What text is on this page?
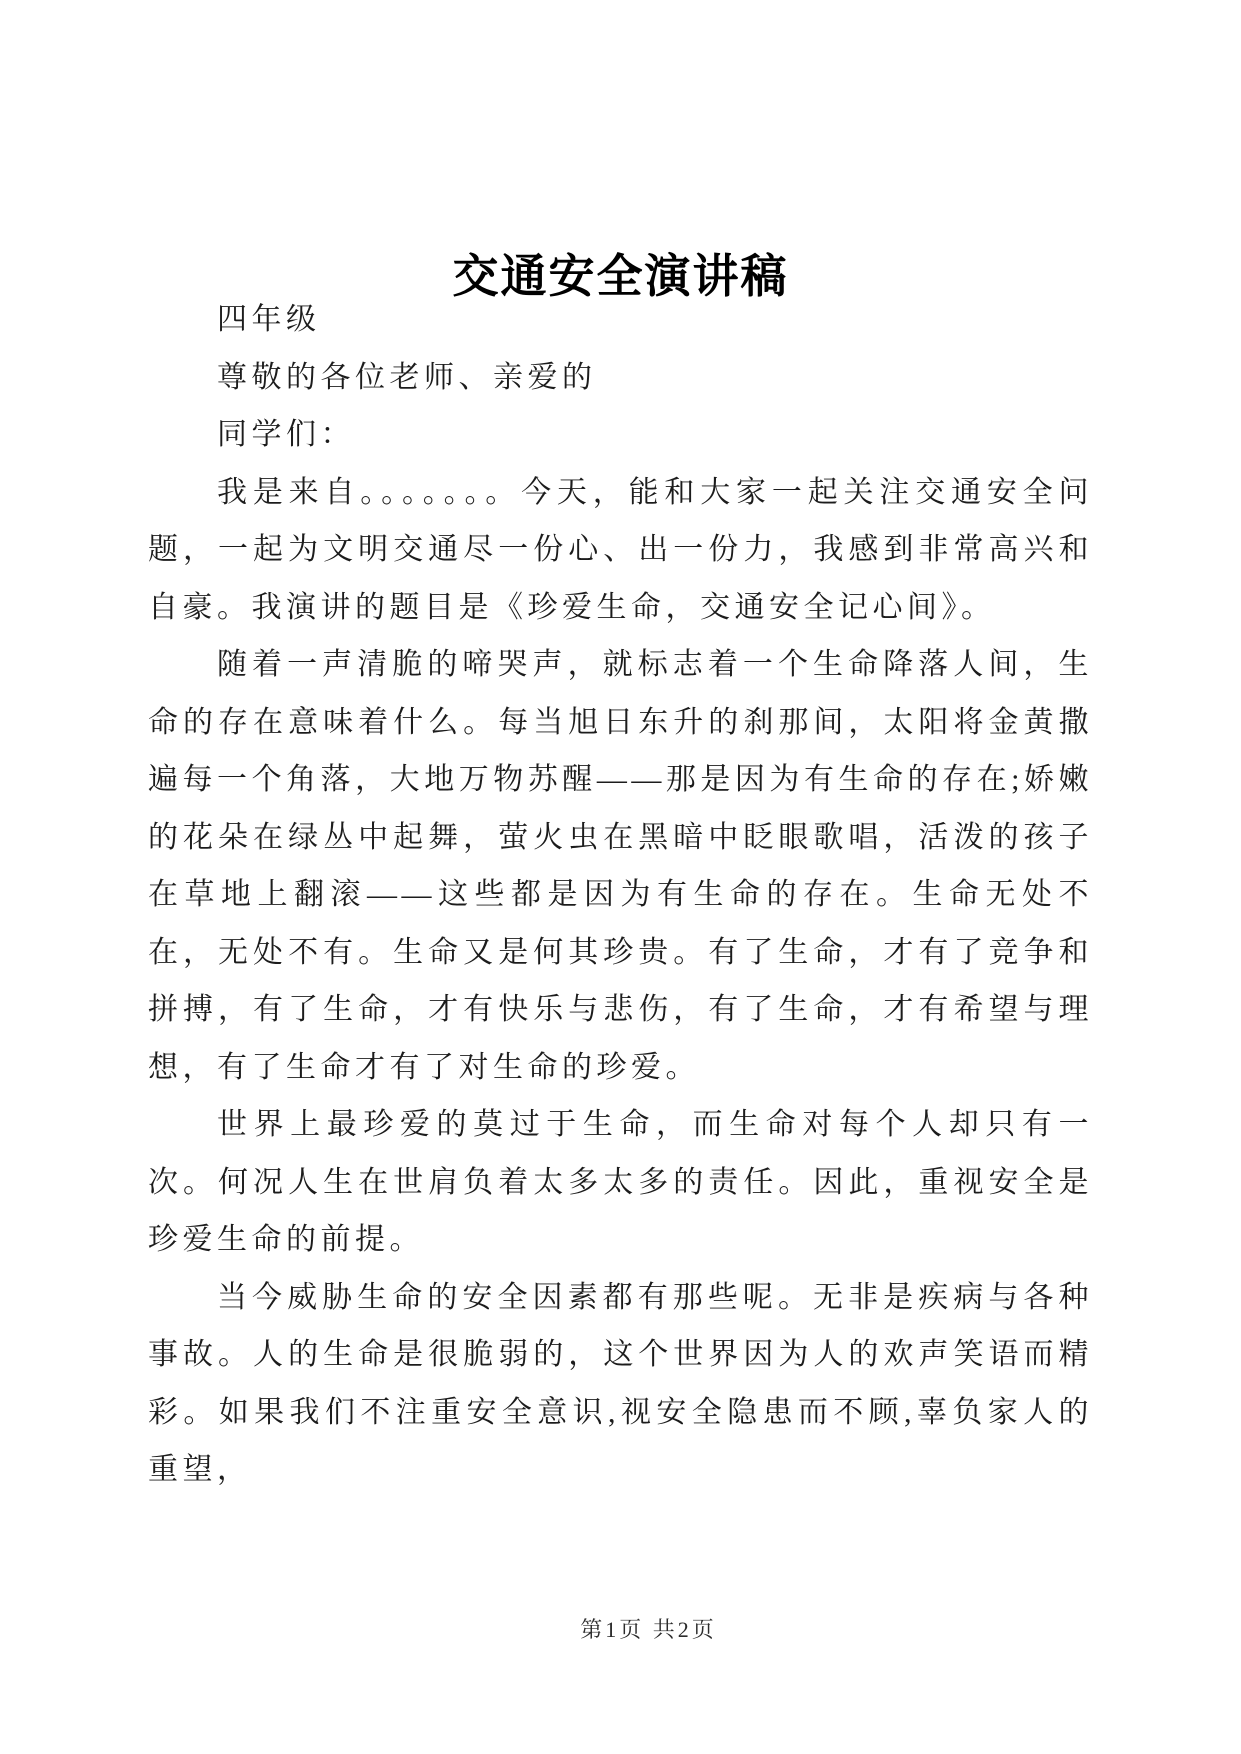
交通安全演讲稿

四年级

尊敬的各位老师、亲爱的

同学们：

我是来自。。。。。。。今天，能和大家一起关注交通安全问题，一起为文明交通尽一份心、出一份力，我感到非常高兴和自豪。我演讲的题目是《珍爱生命，交通安全记心间》。

随着一声清脆的啼哭声，就标志着一个生命降落人间，生命的存在意味着什么。每当旭日东升的刹那间，太阳将金黄撒遍每一个角落，大地万物苏醒——那是因为有生命的存在;娇嫩的花朵在绿丛中起舞，萤火虫在黑暗中眨眼歌唱，活泼的孩子在草地上翻滚——这些都是因为有生命的存在。生命无处不在，无处不有。生命又是何其珍贵。有了生命，才有了竞争和拼搏，有了生命，才有快乐与悲伤，有了生命，才有希望与理想，有了生命才有了对生命的珍爱。

世界上最珍爱的莫过于生命，而生命对每个人却只有一次。何况人生在世肩负着太多太多的责任。因此，重视安全是珍爱生命的前提。

当今威胁生命的安全因素都有那些呢。无非是疾病与各种事故。人的生命是很脆弱的，这个世界因为人的欢声笑语而精彩。如果我们不注重安全意识,视安全隐患而不顾,辜负家人的重望，

第1页 共2页
